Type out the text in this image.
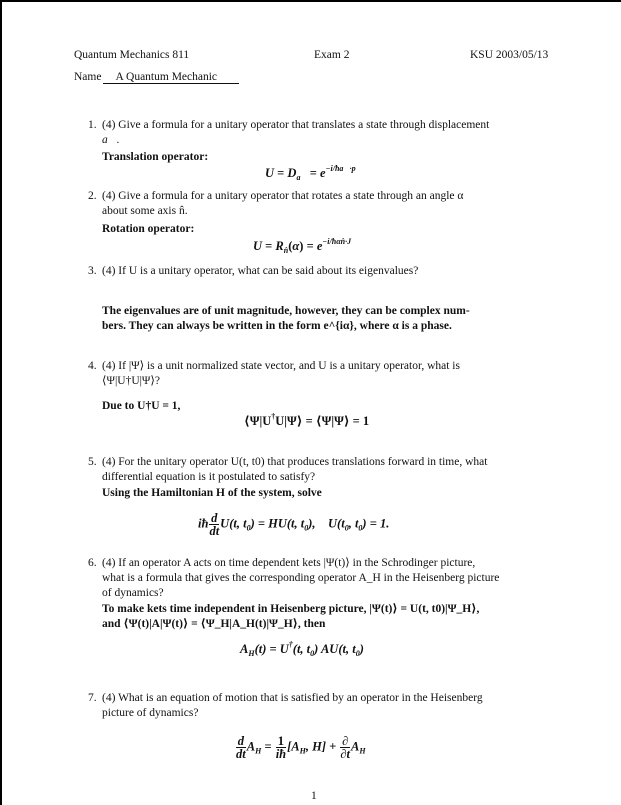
Quantum Mechanics 811	Exam 2	KSU 2003/05/13
Name A Quantum Mechanic
1. (4) Give a formula for a unitary operator that translates a state through displacement
a⃗.
Translation operator:
$U = D_{a⃗} = e^{-i/ħa⃗\cdot p⃗}$
2. (4) Give a formula for a unitary operator that rotates a state through an angle α
about some axis n̂.
Rotation operator:
$U = R_{n̂}(\alpha) = e^{-i/ħ\alpha n̂\cdot J⃗}$
3. (4) If U is a unitary operator, what can be said about its eigenvalues?
The eigenvalues are of unit magnitude, however, they can be complex num-
bers. They can always be written in the form e^{iα}, where α is a phase.
4. (4) If |Ψ⟩ is a unit normalized state vector, and U is a unitary operator, what is
⟨Ψ|U†U|Ψ⟩?
Due to U†U = 1,
⟨Ψ|U†U|Ψ⟩ = ⟨Ψ|Ψ⟩ = 1
5. (4) For the unitary operator U(t, t0) that produces translations forward in time, what
differential equation is it postulated to satisfy?
Using the Hamiltonian H of the system, solve
iħ $\frac{d}{dt} U(t$, $t_0) = HU(t$, $t_0$), $U(t_0$, $t_0) = 1$.
6. (4) If an operator A acts on time dependent kets |Ψ(t)⟩ in the Schrodinger picture,
what is a formula that gives the corresponding operator A_H in the Heisenberg picture
of dynamics?
To make kets time independent in Heisenberg picture, |Ψ(t)⟩ = U(t, t0)|Ψ_H⟩,
and ⟨Ψ(t)|A|Ψ(t)⟩ = ⟨Ψ_H|A_H(t)|Ψ_H⟩, then
$A_H(t) = U^\dagger(t$, $t_0$) AU(t, $t_0$)
7. (4) What is an equation of motion that is satisfied by an operator in the Heisenberg
picture of dynamics?
$\frac{d}{dt} A_H = \frac{1}{iħ} [A_H$, $H] + \frac{\partial}{\partial t} A_H$
1
